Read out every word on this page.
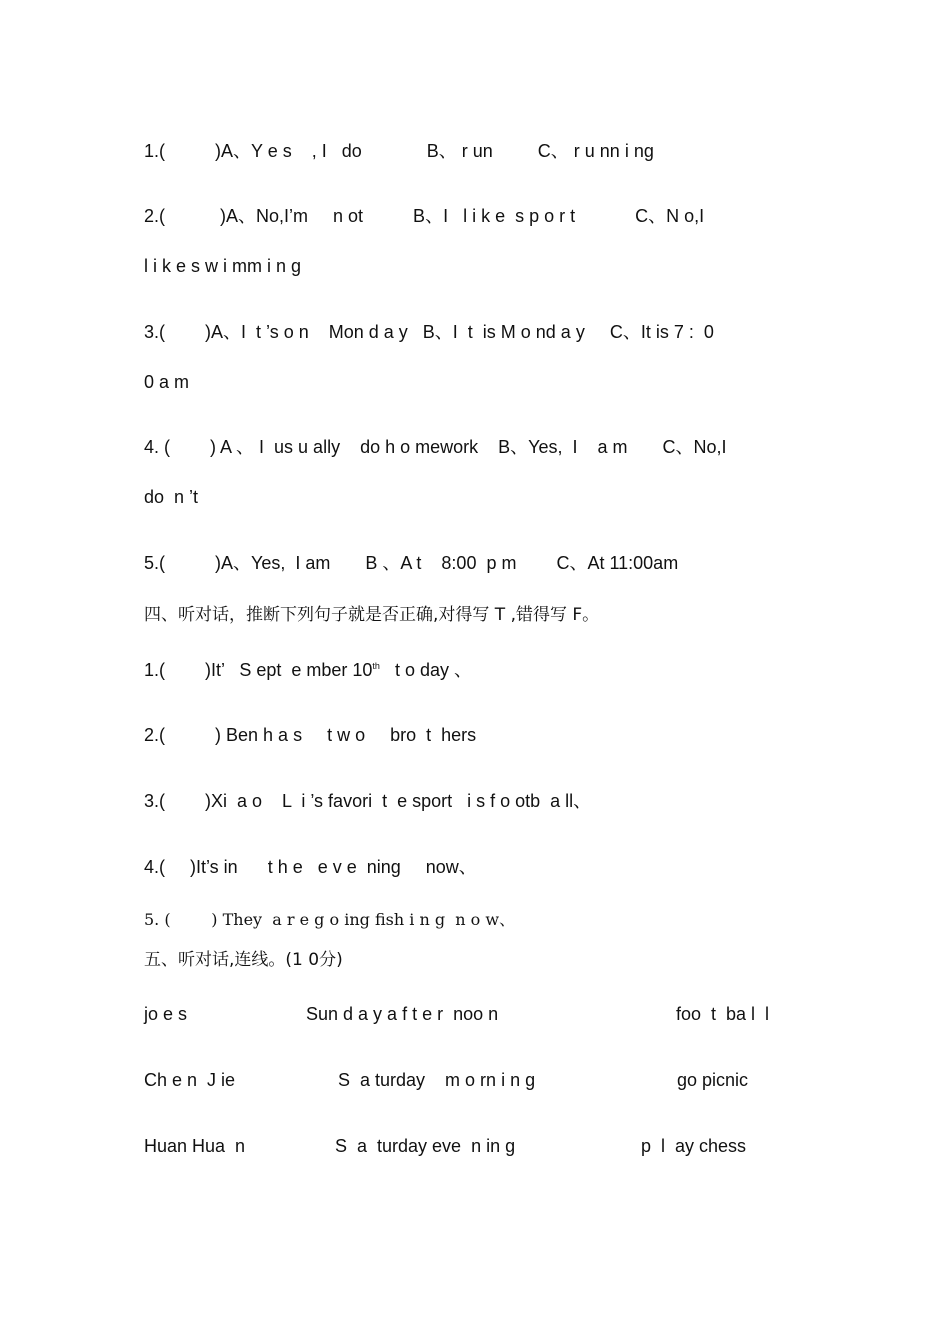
1.(          )A、Y e s    , I   do             B、 r un         C、 r u nn i ng
2.(           )A、No,I’m     n ot          B、I   l i k e  s p o r t            C、N o,I
l i k e s w i mm i n g
3.(        )A、I  t ’s o n    Mon d a y   B、I  t  is M o nd a y     C、It is 7 :  0
0 a m
4. (        ) A 、 I  us u ally    do h o mework    B、Yes,  I    a m       C、No,I
do  n ’t
5.(          )A、Yes,  I am       B 、A t    8:00  p m        C、At 11:00am
四、听对话，推断下列句子就是否正确,对得写 T ,错得写 F。
1.(        )It’   S ept  e mber 10th   t o day 、
2.(          ) Ben h a s     t w o     bro  t  hers
3.(        )Xi  a o    L  i ’s favori  t  e sport   i s f o otb  a ll、
4.(     )It’s in      t h e   e v e  ning     now、
5. (        ) They  a r e g o ing fish i n g  n o w、
五、听对话,连线。(1 0分)
jo e s	Sun d a y a f t e r  noo n	foo  t  ba l  l
Ch e n  J ie	S  a turday    m o rn i n g	go picnic
Huan Hua  n	S  a  turday eve  n in g	p  l  ay chess
